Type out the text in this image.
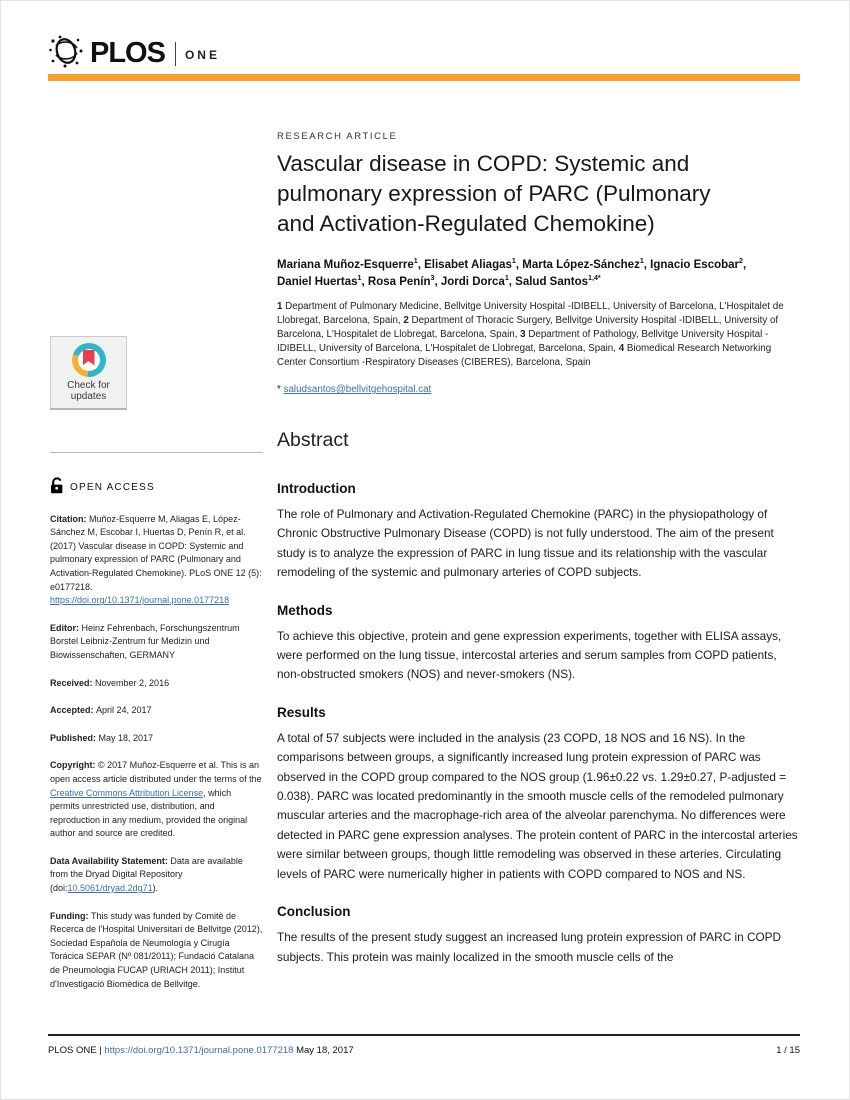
PLOS ONE
Check for
updates
OPEN ACCESS

Citation: Muñoz-Esquerre M, Aliagas E, López-Sánchez M, Escobar I, Huertas D, Penín R, et al. (2017) Vascular disease in COPD: Systemic and pulmonary expression of PARC (Pulmonary and Activation-Regulated Chemokine). PLoS ONE 12 (5): e0177218. https://doi.org/10.1371/journal.pone.0177218

Editor: Heinz Fehrenbach, Forschungszentrum Borstel Leibniz-Zentrum fur Medizin und Biowissenschaften, GERMANY

Received: November 2, 2016

Accepted: April 24, 2017

Published: May 18, 2017

Copyright: © 2017 Muñoz-Esquerre et al. This is an open access article distributed under the terms of the Creative Commons Attribution License, which permits unrestricted use, distribution, and reproduction in any medium, provided the original author and source are credited.

Data Availability Statement: Data are available from the Dryad Digital Repository (doi:10.5061/dryad.2dg71).

Funding: This study was funded by Comitè de Recerca de l'Hospital Universitari de Bellvitge (2012), Sociedad Española de Neumología y Cirugía Torácica SEPAR (Nº 081/2011); Fundació Catalana de Pneumologia FUCAP (URIACH 2011); Institut d'Investigació Biomèdica de Bellvitge.

RESEARCH ARTICLE
Vascular disease in COPD: Systemic and
pulmonary expression of PARC (Pulmonary
and Activation-Regulated Chemokine)

Mariana Muñoz-Esquerre$^1$, Elisabet Aliagas$^1$, Marta López-Sánchez$^1$, Ignacio Escobar$^2$,
Daniel Huertas$^1$, Rosa Penín$^3$, Jordi Dorca$^1$, Salud Santos$^{1,4*}$

1 Department of Pulmonary Medicine, Bellvitge University Hospital -IDIBELL, University of Barcelona, L'Hospitalet de Llobregat, Barcelona, Spain, 2 Department of Thoracic Surgery, Bellvitge University Hospital -IDIBELL, University of Barcelona, L'Hospitalet de Llobregat, Barcelona, Spain, 3 Department of Pathology, Bellvitge University Hospital -IDIBELL, University of Barcelona, L'Hospitalet de Llobregat, Barcelona, Spain, 4 Biomedical Research Networking Center Consortium -Respiratory Diseases (CIBERES), Barcelona, Spain

* saludsantos@bellvitgehospital.cat

Abstract
Introduction

The role of Pulmonary and Activation-Regulated Chemokine (PARC) in the physiopathology of Chronic Obstructive Pulmonary Disease (COPD) is not fully understood. The aim of the present study is to analyze the expression of PARC in lung tissue and its relationship with the vascular remodeling of the systemic and pulmonary arteries of COPD subjects.

Methods

To achieve this objective, protein and gene expression experiments, together with ELISA assays, were performed on the lung tissue, intercostal arteries and serum samples from COPD patients, non-obstructed smokers (NOS) and never-smokers (NS).

Results

A total of 57 subjects were included in the analysis (23 COPD, 18 NOS and 16 NS). In the comparisons between groups, a significantly increased lung protein expression of PARC was observed in the COPD group compared to the NOS group (1.96±0.22 vs. 1.29±0.27, P-adjusted = 0.038). PARC was located predominantly in the smooth muscle cells of the remodeled pulmonary muscular arteries and the macrophage-rich area of the alveolar parenchyma. No differences were detected in PARC gene expression analyses. The protein content of PARC in the intercostal arteries were similar between groups, though little remodeling was observed in these arteries. Circulating levels of PARC were numerically higher in patients with COPD compared to NOS and NS.

Conclusion

The results of the present study suggest an increased lung protein expression of PARC in COPD subjects. This protein was mainly localized in the smooth muscle cells of the

PLOS ONE | https://doi.org/10.1371/journal.pone.0177218 May 18, 2017	1 / 15
